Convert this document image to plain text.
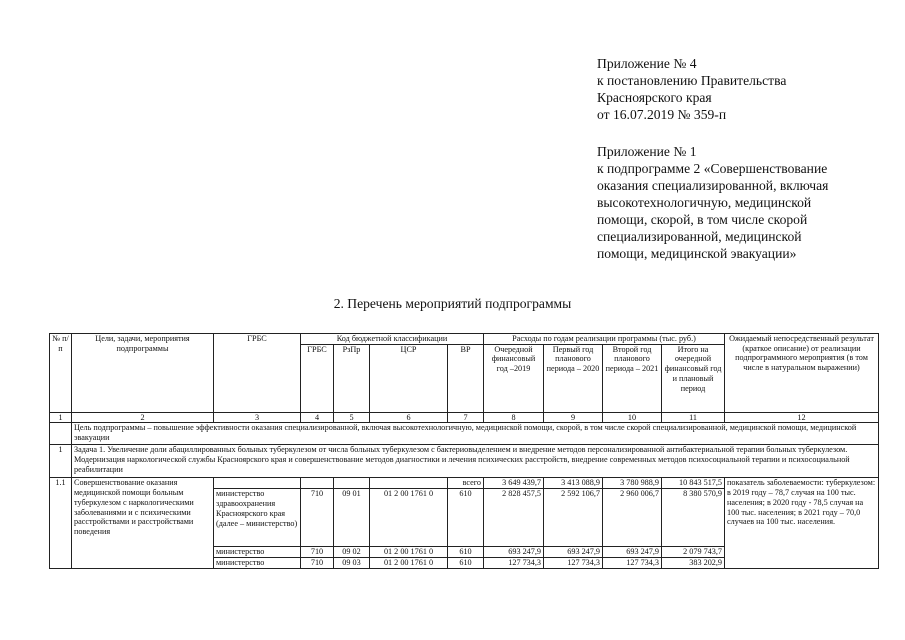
Приложение № 4
к постановлению Правительства
Красноярского края
от 16.07.2019 № 359-п
Приложение № 1
к подпрограмме 2 «Совершенствование
оказания специализированной, включая
высокотехнологичную, медицинской
помощи, скорой, в том числе скорой
специализированной, медицинской
помощи, медицинской эвакуации»
2. Перечень мероприятий подпрограммы
№ п/п	Цели, задачи, мероприятия подпрограммы	ГРБС	Код бюджетной классификации				Расходы по годам реализации программы (тыс. руб.)				Ожидаемый непосредственный результат (краткое описание) от реализации подпрограммного мероприятия (в том числе в натуральном выражении)
			ГРБС	РзПр	ЦСР	ВР	Очередной финансовый год –2019	Первый год планового периода – 2020	Второй год планового периода – 2021	Итого на очередной финансовый год и плановый период	
1	2	3	4	5	6	7	8	9	10	11	12
	Цель подпрограммы – повышение эффективности оказания специализированной, включая высокотехнологичную, медицинской помощи, скорой, в том числе скорой специализированной, медицинской помощи, медицинской эвакуации										
1	Задача 1. Увеличение доли абациллированных больных туберкулезом от числа больных туберкулезом с бактериовыделением и внедрение методов персонализированной антибактериальной терапии больных туберкулезом. Модернизация наркологической службы Красноярского края и совершенствование методов диагностики и лечения психических расстройств, внедрение современных методов психосоциальной терапии и психосоциальной реабилитации										
1.1	Совершенствование оказания медицинской помощи больным туберкулезом с наркологическими заболеваниями и с психическими расстройствами и расстройствами поведения					всего	3 649 439,7	3 413 088,9	3 780 988,9	10 843 517,5	показатель заболеваемости: туберкулезом: в 2019 году – 78,7 случая на 100 тыс. населения; в 2020 году - 78,5 случая на 100 тыс. населения; в 2021 году – 70,0 случаев на 100 тыс. населения.
		министерство здравоохранения Красноярского края (далее – министерство)	710	09 01	01 2 00 1761 0	610	2 828 457,5	2 592 106,7	2 960 006,7	8 380 570,9	
		министерство	710	09 02	01 2 00 1761 0	610	693 247,9	693 247,9	693 247,9	2 079 743,7	
		министерство	710	09 03	01 2 00 1761 0	610	127 734,3	127 734,3	127 734,3	383 202,9	
